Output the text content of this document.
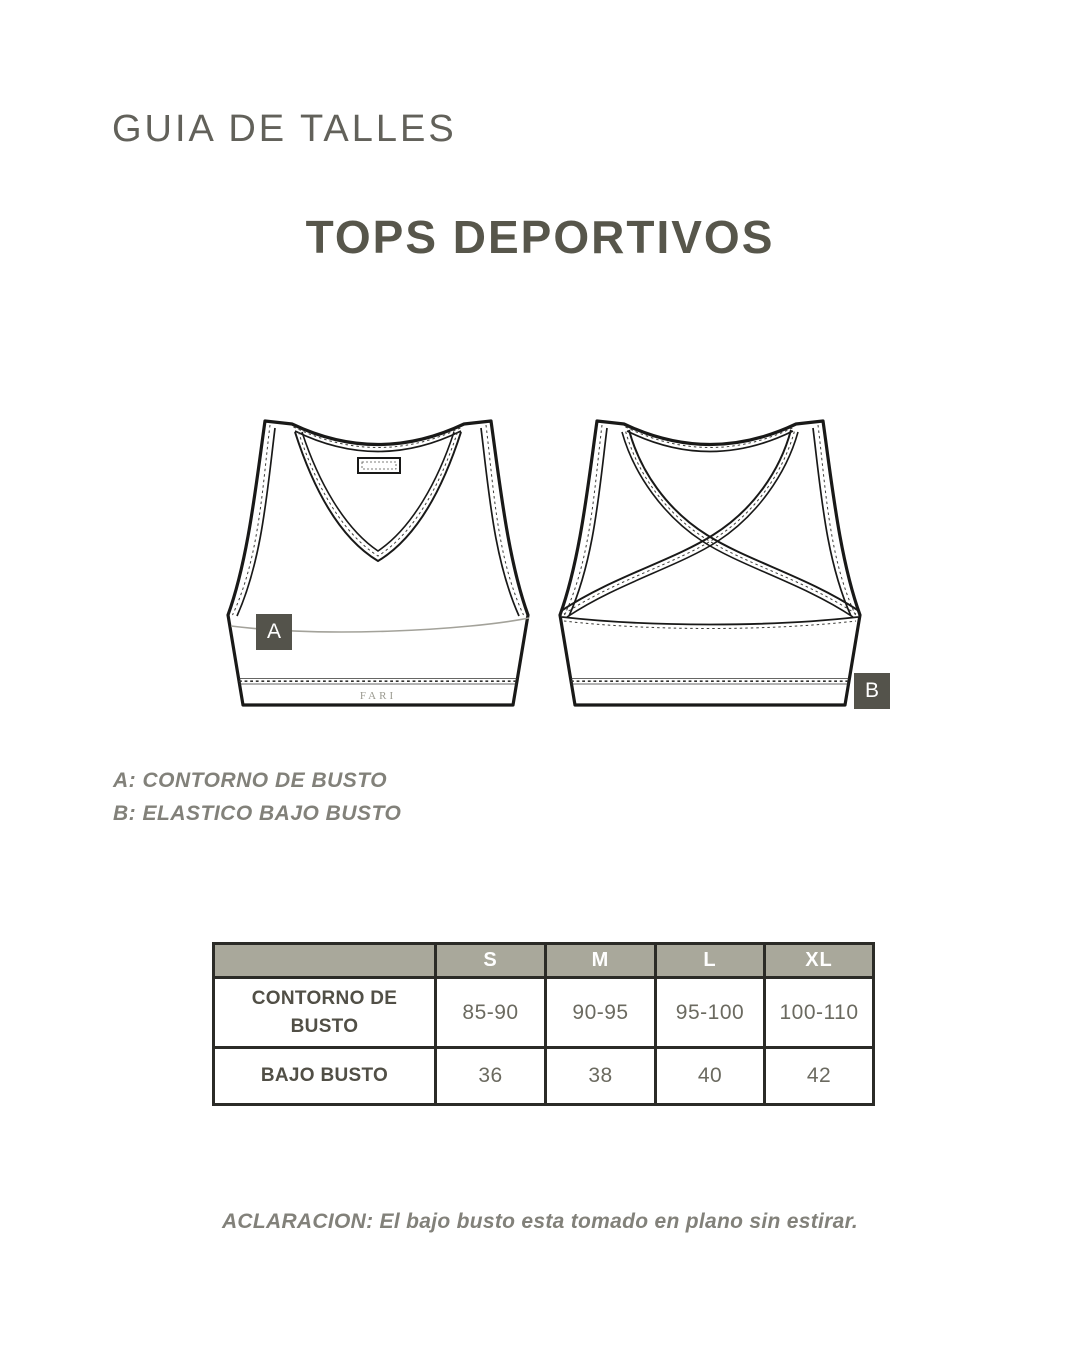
GUIA DE TALLES
TOPS DEPORTIVOS
FARI
A
B

A: CONTORNO DE BUSTO

B: ELASTICO BAJO BUSTO

	S	M	L	XL
CONTORNO DE BUSTO	85-90	90-95	95-100	100-110
BAJO BUSTO	36	38	40	42

ACLARACION: El bajo busto esta tomado en plano sin estirar.
